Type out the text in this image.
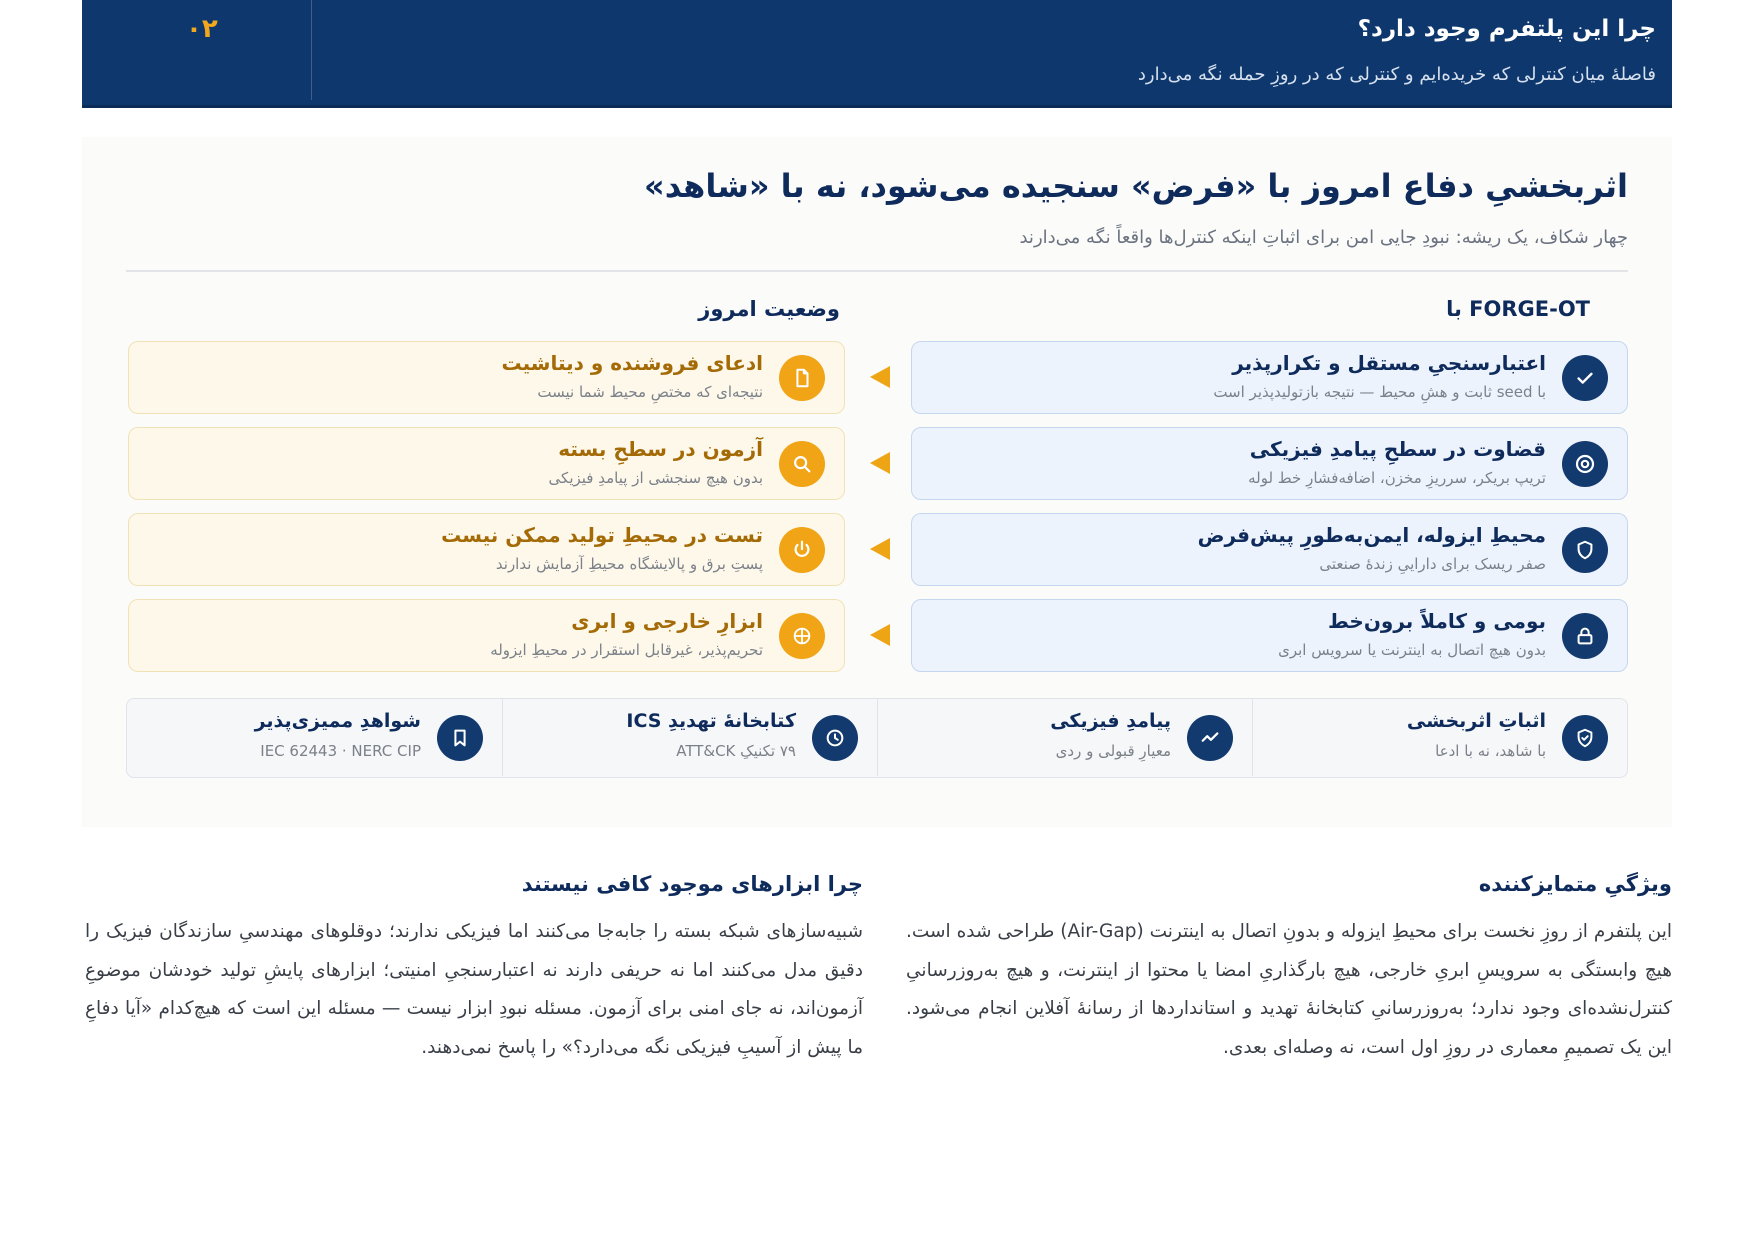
۰۲	چرا این پلتفرم وجود دارد؟
فاصلهٔ میان کنترلی که خریده‌ایم و کنترلی که در روزِ حمله نگه می‌دارد
اثربخشیِ دفاع امروز با «فرض» سنجیده می‌شود، نه با «شاهد»
چهار شکاف، یک ریشه: نبودِ جایی امن برای اثباتِ اینکه کنترل‌ها واقعاً نگه می‌دارند
FORGE-OT با
وضعیت امروز
اعتبارسنجیِ مستقل و تکرارپذیر
با seed ثابت و هشِ محیط — نتیجه بازتولیدپذیر است
ادعای فروشنده و دیتاشیت
نتیجه‌ای که مختصِ محیط شما نیست
قضاوت در سطحِ پیامدِ فیزیکی
تریپ بریکر، سرریزِ مخزن، اضافه‌فشارِ خط لوله
آزمون در سطحِ بسته
بدون هیچ سنجشی از پیامدِ فیزیکی
محیطِ ایزوله، ایمن‌به‌طورِ پیش‌فرض
صفر ریسک برای داراییِ زندهٔ صنعتی
تست در محیطِ تولید ممکن نیست
پستِ برق و پالایشگاه محیطِ آزمایش ندارند
بومی و کاملاً برون‌خط
بدون هیچ اتصال به اینترنت یا سرویس ابری
ابزارِ خارجی و ابری
تحریم‌پذیر، غیرقابل استقرار در محیطِ ایزوله
اثباتِ اثربخشی
با شاهد، نه با ادعا
پیامدِ فیزیکی
معیارِ قبولی و ردی
کتابخانهٔ تهدیدِ ICS
۷۹ تکنیکِ ATT&CK
شواهدِ ممیزی‌پذیر
IEC 62443 · NERC CIP
ویژگیِ متمایزکننده

این پلتفرم از روزِ نخست برای محیطِ ایزوله و بدونِ اتصال به اینترنت (Air-Gap) طراحی شده است. هیچ وابستگی به سرویسِ ابریِ خارجی، هیچ بارگذاریِ امضا یا محتوا از اینترنت، و هیچ به‌روزرسانیِ کنترل‌نشده‌ای وجود ندارد؛ به‌روزرسانیِ کتابخانهٔ تهدید و استانداردها از رسانهٔ آفلاین انجام می‌شود. این یک تصمیمِ معماری در روزِ اول است، نه وصله‌ای بعدی.

چرا ابزارهای موجود کافی نیستند

شبیه‌سازهای شبکه بسته را جابه‌جا می‌کنند اما فیزیکی ندارند؛ دوقلوهای مهندسیِ سازندگان فیزیک را دقیق مدل می‌کنند اما نه حریفی دارند نه اعتبارسنجیِ امنیتی؛ ابزارهای پایشِ تولید خودشان موضوعِ آزمون‌اند، نه جای امنی برای آزمون. مسئله نبودِ ابزار نیست — مسئله این است که هیچ‌کدام «آیا دفاعِ ما پیش از آسیبِ فیزیکی نگه می‌دارد؟» را پاسخ نمی‌دهند.
